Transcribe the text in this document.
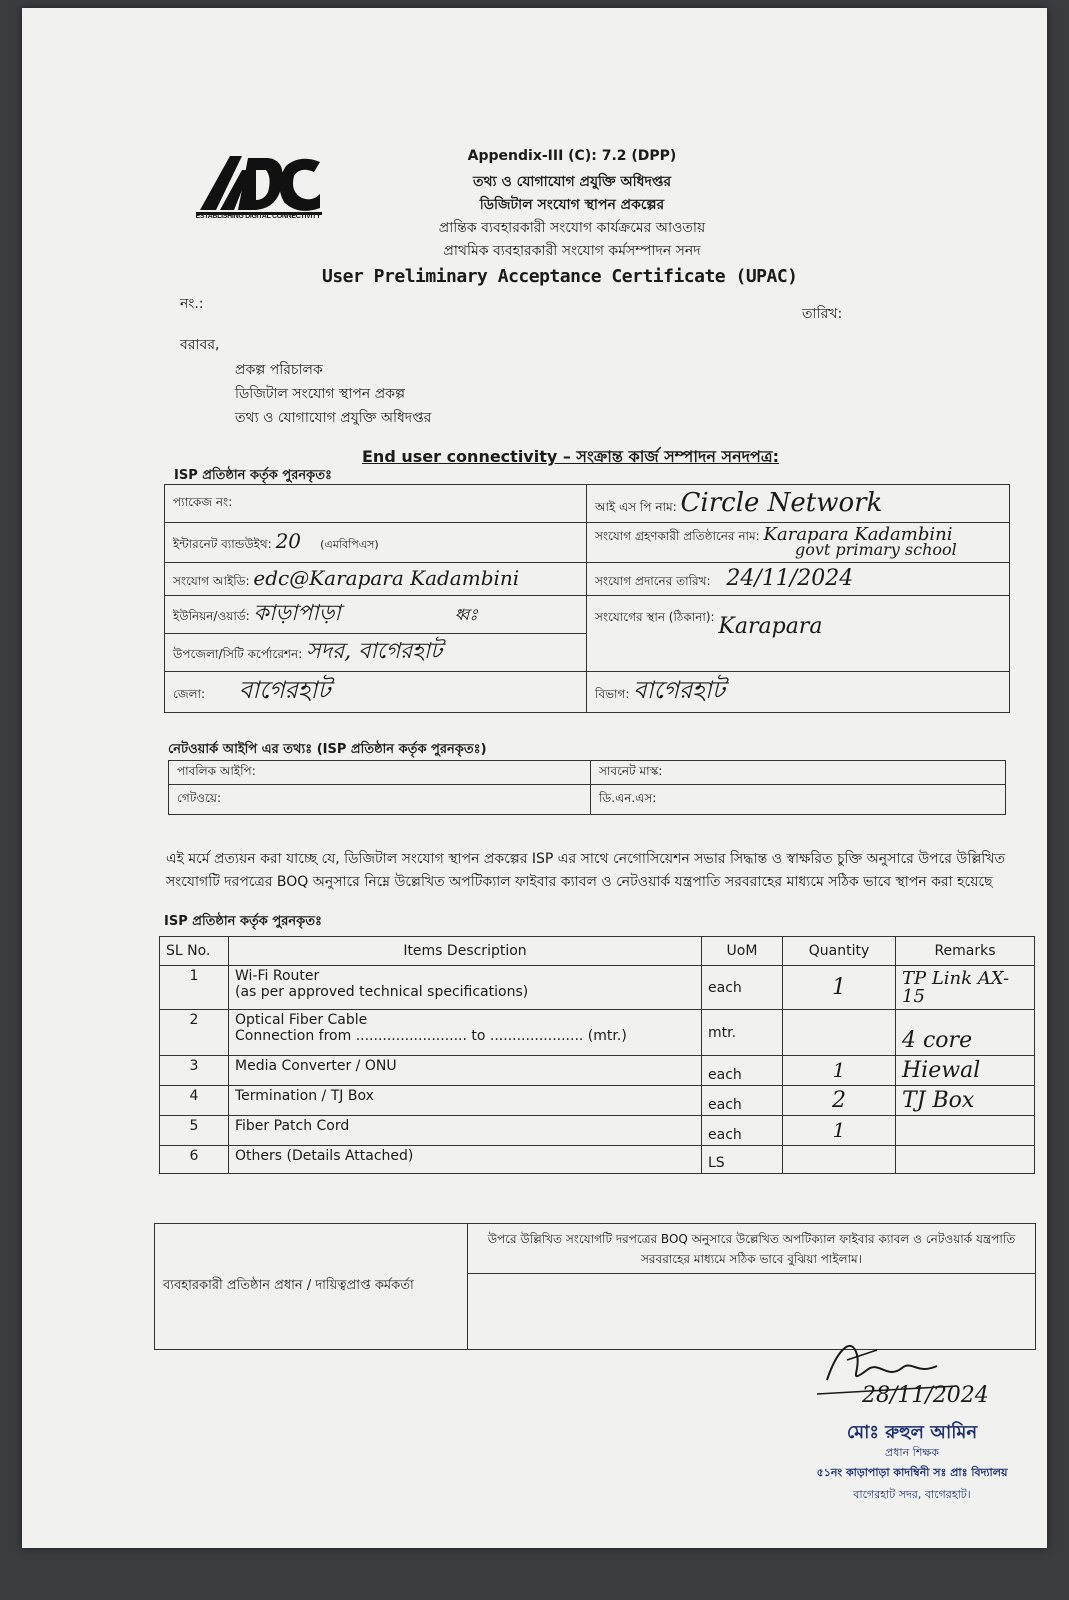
ESTABLISHING DIGITAL CONNECTIVITY
Appendix-III (C): 7.2 (DPP)
তথ্য ও যোগাযোগ প্রযুক্তি অধিদপ্তর
ডিজিটাল সংযোগ স্থাপন প্রকল্পের
প্রান্তিক ব্যবহারকারী সংযোগ কার্যক্রমের আওতায়
প্রাথমিক ব্যবহারকারী সংযোগ কর্মসম্পাদন সনদ
User Preliminary Acceptance Certificate (UPAC)
নং.:
তারিখ:
বরাবর,
প্রকল্প পরিচালক
ডিজিটাল সংযোগ স্থাপন প্রকল্প
তথ্য ও যোগাযোগ প্রযুক্তি অধিদপ্তর
End user connectivity – সংক্রান্ত কার্জ সম্পাদন সনদপত্র:
ISP প্রতিষ্ঠান কর্তৃক পুরনকৃতঃ
প্যাকেজ নং:	আই এস পি নাম: Circle Network
ইন্টারনেট ব্যান্ডউইথ: 20 (এমবিপিএস)	সংযোগ গ্রহণকারী প্রতিষ্ঠানের নাম: Karapara Kadambini
govt primary school
সংযোগ আইডি: edc@Karapara Kadambini	সংযোগ প্রদানের তারিখ: 24/11/2024
ইউনিয়ন/ওয়ার্ড: কাড়াপাড়া ধ্বঃ	সংযোগের স্থান (ঠিকানা): Karapara
উপজেলা/সিটি কর্পোরেশন: সদর, বাগেরহাট	
জেলা: বাগেরহাট	বিভাগ: বাগেরহাট
নেটওয়ার্ক আইপি এর তথ্যঃ (ISP প্রতিষ্ঠান কর্তৃক পুরনকৃতঃ)
পাবলিক আইপি:	সাবনেট মাস্ক:
গেটওয়ে:	ডি.এন.এস:
এই মর্মে প্রত্যয়ন করা যাচ্ছে যে, ডিজিটাল সংযোগ স্থাপন প্রকল্পের ISP এর সাথে নেগোসিয়েশন সভার সিদ্ধান্ত ও স্বাক্ষরিত চুক্তি অনুসারে উপরে উল্লিখিত সংযোগটি দরপত্রের BOQ অনুসারে নিম্নে উল্লেখিত অপটিক্যাল ফাইবার ক্যাবল ও নেটওয়ার্ক যন্ত্রপাতি সরবরাহের মাধ্যমে সঠিক ভাবে স্থাপন করা হয়েছে
ISP প্রতিষ্ঠান কর্তৃক পুরনকৃতঃ
SL No.	Items Description	UoM	Quantity	Remarks
1	Wi-Fi Router
(as per approved technical specifications)	each	1	TP Link AX-15
2	Optical Fiber Cable
Connection from ......................... to ..................... (mtr.)	mtr.		4 core
3	Media Converter / ONU	each	1	Hiewal
4	Termination / TJ Box	each	2	TJ Box
5	Fiber Patch Cord	each	1	
6	Others (Details Attached)	LS		
ব্যবহারকারী প্রতিষ্ঠান প্রধান / দায়িত্বপ্রাপ্ত কর্মকর্তা	উপরে উল্লিখিত সংযোগটি দরপত্রের BOQ অনুসারে উল্লেখিত অপটিক্যাল ফাইবার ক্যাবল ও নেটওয়ার্ক যন্ত্রপাতি সরবরাহের মাধ্যমে সঠিক ভাবে বুঝিয়া পাইলাম।

28/11/2024
মোঃ রুহুল আমিন
প্রধান শিক্ষক
৫১নং কাড়াপাড়া কাদম্বিনী সঃ প্রাঃ বিদ্যালয়
বাগেরহাট সদর, বাগেরহাট।
